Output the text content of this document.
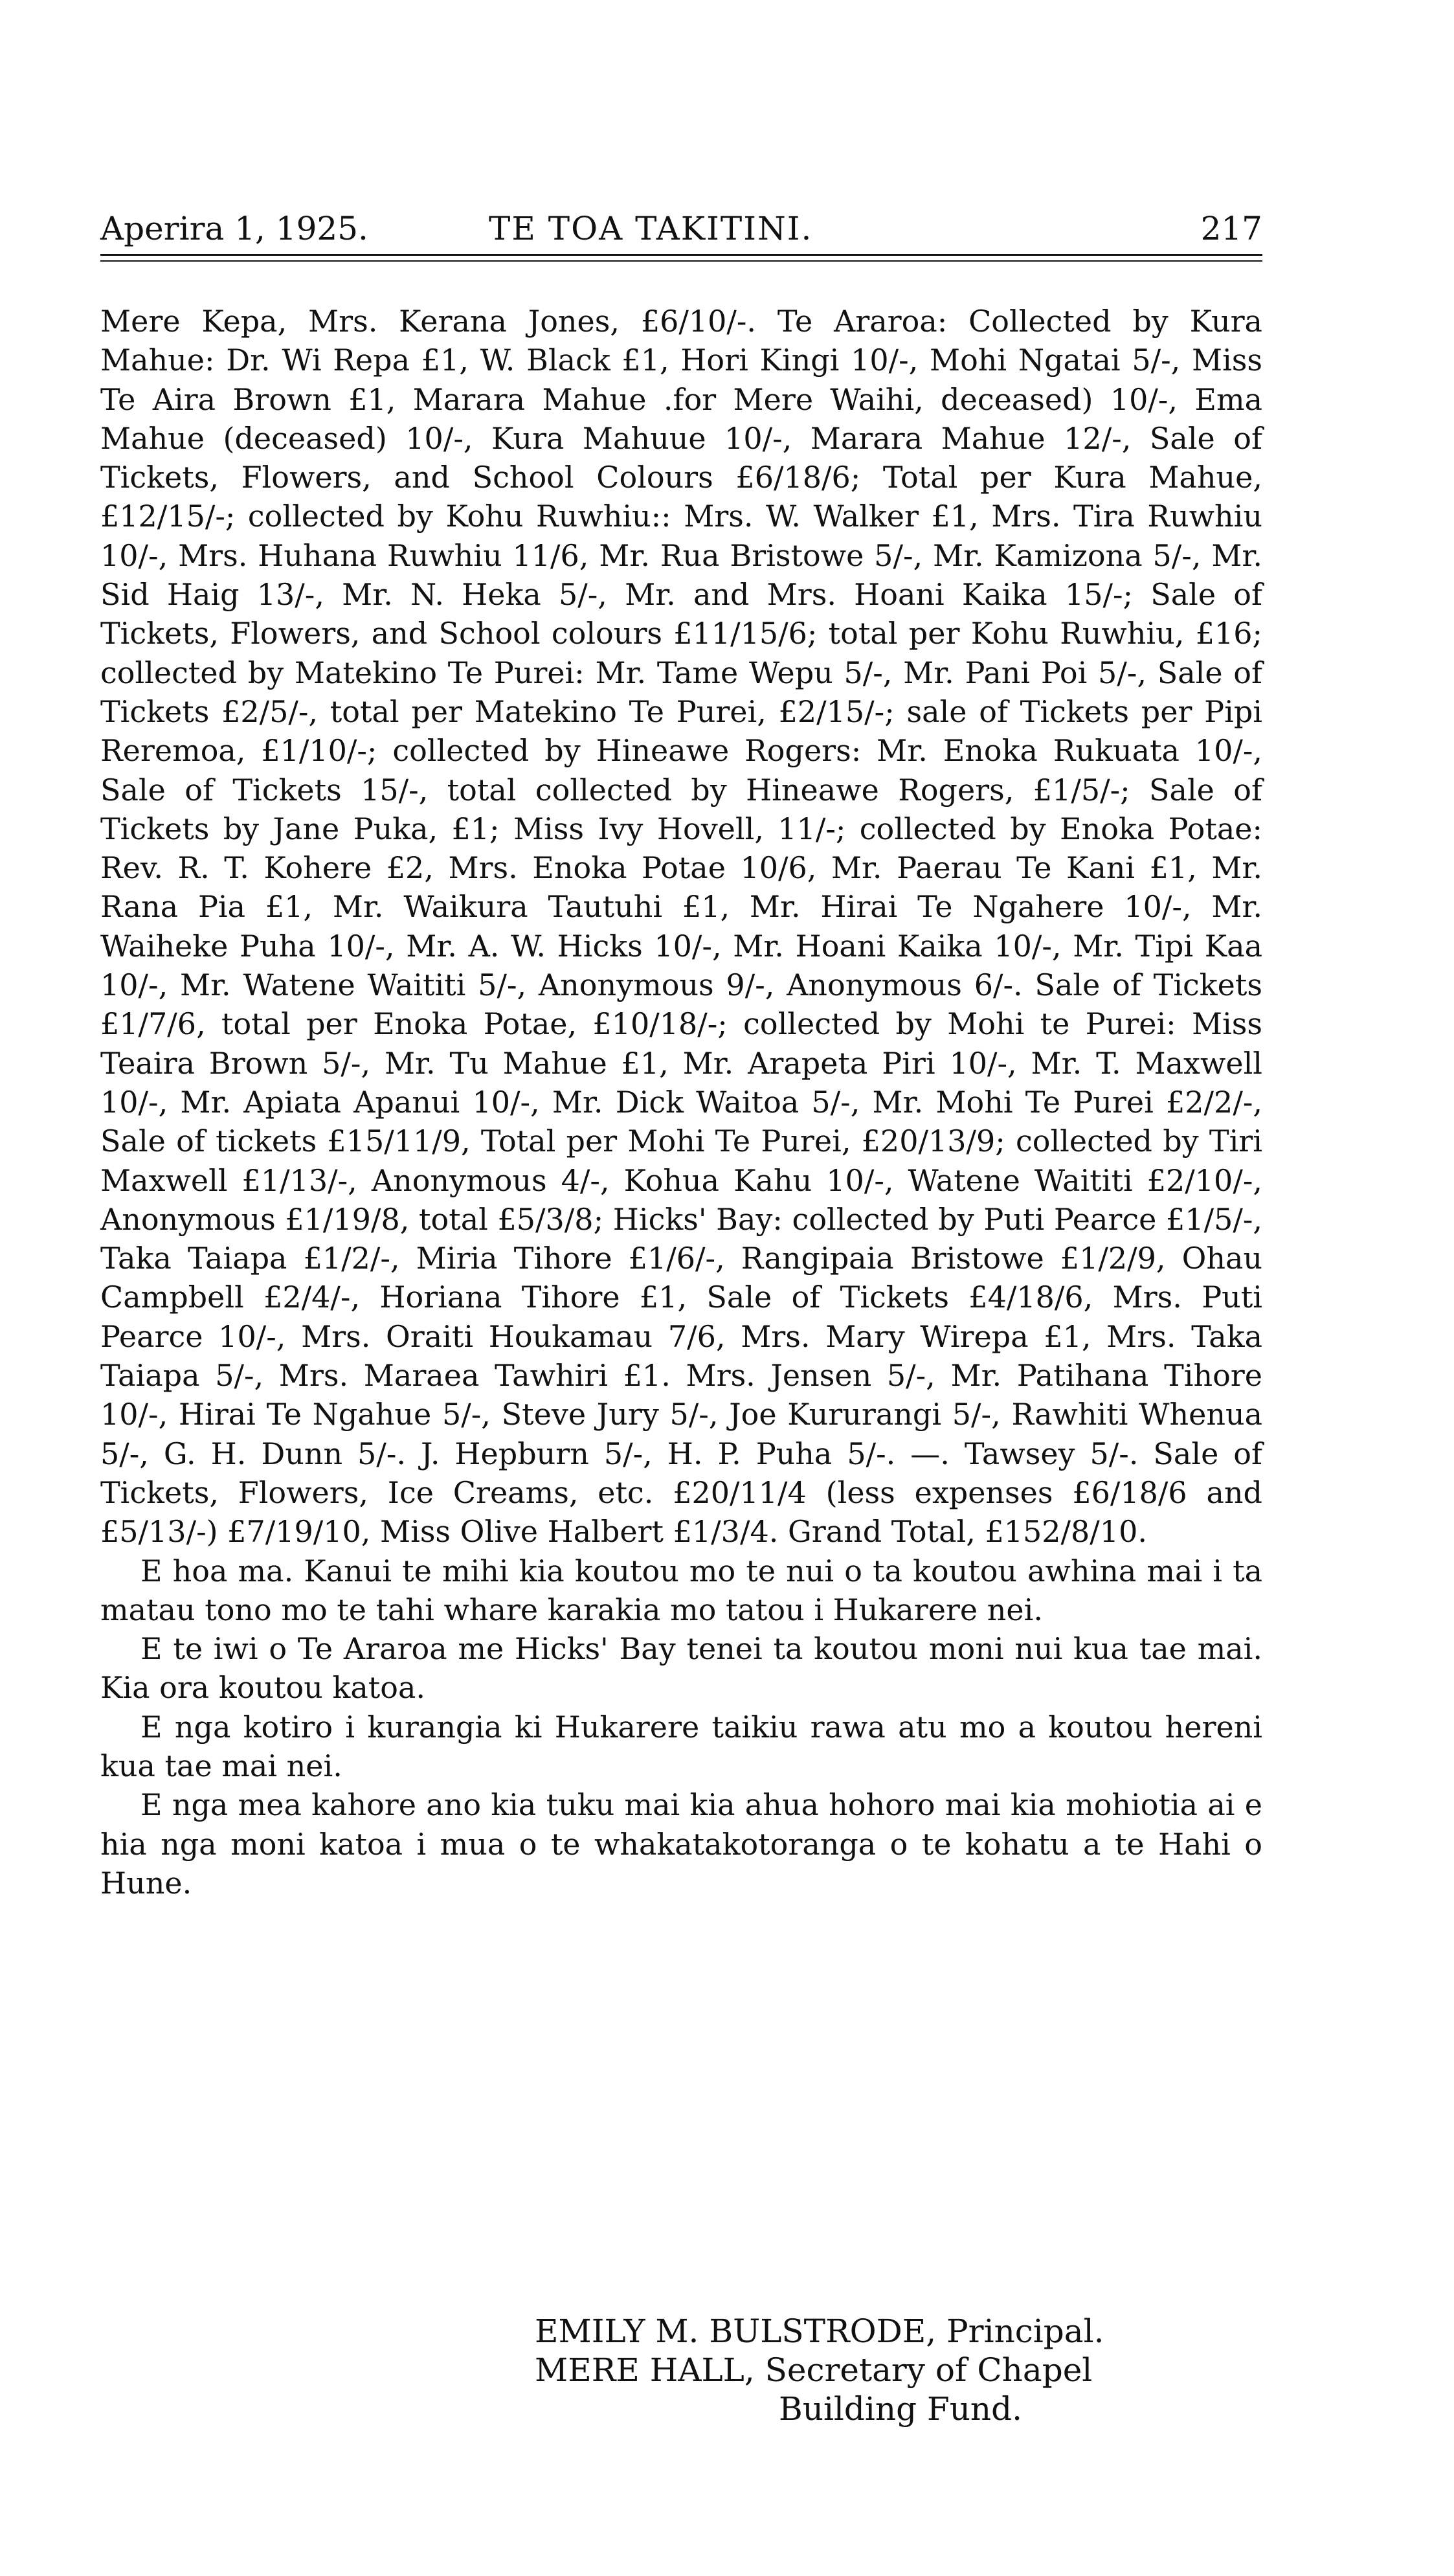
Aperira 1, 1925.	TE TOA TAKITINI.	217

Mere Kepa, Mrs. Kerana Jones, £6/10/-. Te Araroa: Collected by Kura Mahue: Dr. Wi Repa £1, W. Black £1, Hori Kingi 10/-, Mohi Ngatai 5/-, Miss Te Aira Brown £1, Marara Mahue .for Mere Waihi, deceased) 10/-, Ema Mahue (deceased) 10/-, Kura Mahuue 10/-, Marara Mahue 12/-, Sale of Tickets, Flowers, and School Colours £6/18/6; Total per Kura Mahue, £12/15/-; collected by Kohu Ruwhiu:: Mrs. W. Walker £1, Mrs. Tira Ruwhiu 10/-, Mrs. Huhana Ruwhiu 11/6, Mr. Rua Bristowe 5/-, Mr. Kamizona 5/-, Mr. Sid Haig 13/-, Mr. N. Heka 5/-, Mr. and Mrs. Hoani Kaika 15/-; Sale of Tickets, Flowers, and School colours £11/15/6; total per Kohu Ruwhiu, £16; collected by Matekino Te Purei: Mr. Tame Wepu 5/-, Mr. Pani Poi 5/-, Sale of Tickets £2/5/-, total per Matekino Te Purei, £2/15/-; sale of Tickets per Pipi Reremoa, £1/10/-; collected by Hineawe Rogers: Mr. Enoka Rukuata 10/-, Sale of Tickets 15/-, total collected by Hineawe Rogers, £1/5/-; Sale of Tickets by Jane Puka, £1; Miss Ivy Hovell, 11/-; collected by Enoka Potae: Rev. R. T. Kohere £2, Mrs. Enoka Potae 10/6, Mr. Paerau Te Kani £1, Mr. Rana Pia £1, Mr. Waikura Tautuhi £1, Mr. Hirai Te Ngahere 10/-, Mr. Waiheke Puha 10/-, Mr. A. W. Hicks 10/-, Mr. Hoani Kaika 10/-, Mr. Tipi Kaa 10/-, Mr. Watene Waititi 5/-, Anonymous 9/-, Anonymous 6/-. Sale of Tickets £1/7/6, total per Enoka Potae, £10/18/-; collected by Mohi te Purei: Miss Teaira Brown 5/-, Mr. Tu Mahue £1, Mr. Arapeta Piri 10/-, Mr. T. Maxwell 10/-, Mr. Apiata Apanui 10/-, Mr. Dick Waitoa 5/-, Mr. Mohi Te Purei £2/2/-, Sale of tickets £15/11/9, Total per Mohi Te Purei, £20/13/9; collected by Tiri Maxwell £1/13/-, Anonymous 4/-, Kohua Kahu 10/-, Watene Waititi £2/10/-, Anonymous £1/19/8, total £5/3/8; Hicks' Bay: collected by Puti Pearce £1/5/-, Taka Taiapa £1/2/-, Miria Tihore £1/6/-, Rangipaia Bristowe £1/2/9, Ohau Campbell £2/4/-, Horiana Tihore £1, Sale of Tickets £4/18/6, Mrs. Puti Pearce 10/-, Mrs. Oraiti Houkamau 7/6, Mrs. Mary Wirepa £1, Mrs. Taka Taiapa 5/-, Mrs. Maraea Tawhiri £1. Mrs. Jensen 5/-, Mr. Patihana Tihore 10/-, Hirai Te Ngahue 5/-, Steve Jury 5/-, Joe Kururangi 5/-, Rawhiti Whenua 5/-, G. H. Dunn 5/-. J. Hepburn 5/-, H. P. Puha 5/-. —. Tawsey 5/-. Sale of Tickets, Flowers, Ice Creams, etc. £20/11/4 (less expenses £6/18/6 and £5/13/-) £7/19/10, Miss Olive Halbert £1/3/4. Grand Total, £152/8/10.

E hoa ma. Kanui te mihi kia koutou mo te nui o ta koutou awhina mai i ta matau tono mo te tahi whare karakia mo tatou i Hukarere nei.

E te iwi o Te Araroa me Hicks' Bay tenei ta koutou moni nui kua tae mai. Kia ora koutou katoa.

E nga kotiro i kurangia ki Hukarere taikiu rawa atu mo a koutou hereni kua tae mai nei.

E nga mea kahore ano kia tuku mai kia ahua hohoro mai kia mohiotia ai e hia nga moni katoa i mua o te whakatakotoranga o te kohatu a te Hahi o Hune.

EMILY M. BULSTRODE, Principal.
MERE HALL, Secretary of Chapel
Building Fund.
